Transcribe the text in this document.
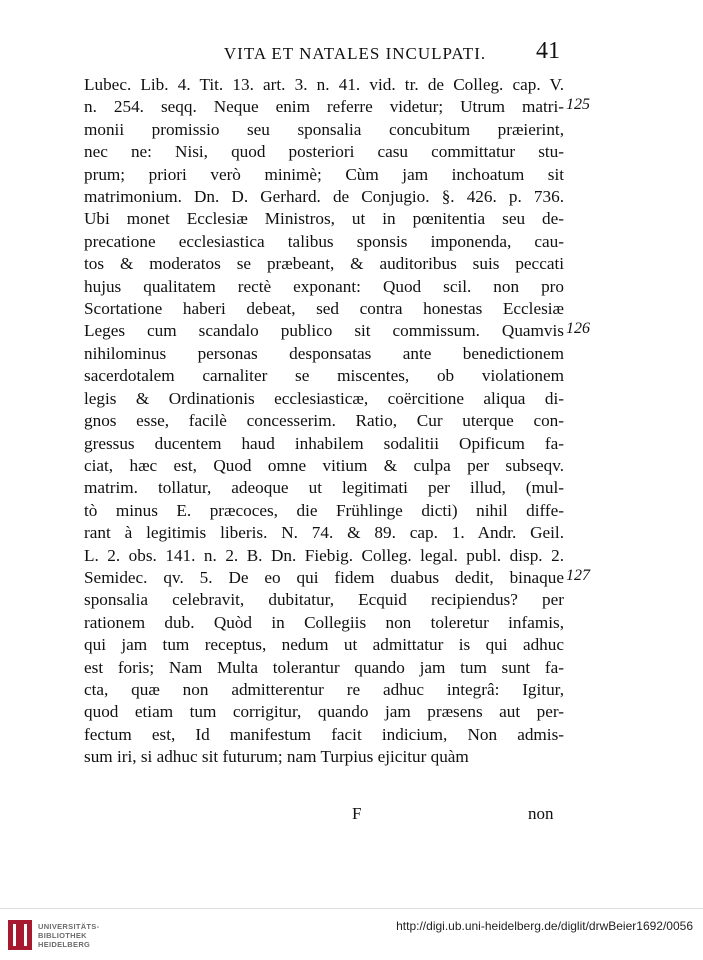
VITA ET NATALES INCULPATI.	41
Lubec. Lib. 4. Tit. 13. art. 3. n. 41. vid. tr. de Colleg. cap. V.
n. 254. seqq. Neque enim referre videtur; Utrum matri-
monii promissio seu sponsalia concubitum præierint,
nec ne: Nisi, quod posteriori casu committatur stu-
prum; priori verò minimè; Cùm jam inchoatum sit
matrimonium. Dn. D. Gerhard. de Conjugio. §. 426. p. 736.
Ubi monet Ecclesiæ Ministros, ut in pœnitentia seu de-
precatione ecclesiastica talibus sponsis imponenda, cau-
tos & moderatos se præbeant, & auditoribus suis peccati
hujus qualitatem rectè exponant: Quod scil. non pro
Scortatione haberi debeat, sed contra honestas Ecclesiæ
Leges cum scandalo publico sit commissum. Quamvis
nihilominus personas desponsatas ante benedictionem
sacerdotalem carnaliter se miscentes, ob violationem
legis & Ordinationis ecclesiasticæ, coërcitione aliqua di-
gnos esse, facilè concesserim. Ratio, Cur uterque con-
gressus ducentem haud inhabilem sodalitii Opificum fa-
ciat, hæc est, Quod omne vitium & culpa per subseqv.
matrim. tollatur, adeoque ut legitimati per illud, (mul-
tò minus E. præcoces, die Frühlinge dicti) nihil diffe-
rant à legitimis liberis. N. 74. & 89. cap. 1. Andr. Geil.
L. 2. obs. 141. n. 2. B. Dn. Fiebig. Colleg. legal. publ. disp. 2.
Semidec. qv. 5. De eo qui fidem duabus dedit, binaque
sponsalia celebravit, dubitatur, Ecquid recipiendus? per
rationem dub. Quòd in Collegiis non toleretur infamis,
qui jam tum receptus, nedum ut admittatur is qui adhuc
est foris; Nam Multa tolerantur quando jam tum sunt fa-
cta, quæ non admitterentur re adhuc integrâ: Igitur,
quod etiam tum corrigitur, quando jam præsens aut per-
fectum est, Id manifestum facit indicium, Non admis-
sum iri, si adhuc sit futurum; nam Turpius ejicitur quàm
F	non
125
126
127
UNIVERSITÄTS-
BIBLIOTHEK
HEIDELBERG
http://digi.ub.uni-heidelberg.de/diglit/drwBeier1692/0056
